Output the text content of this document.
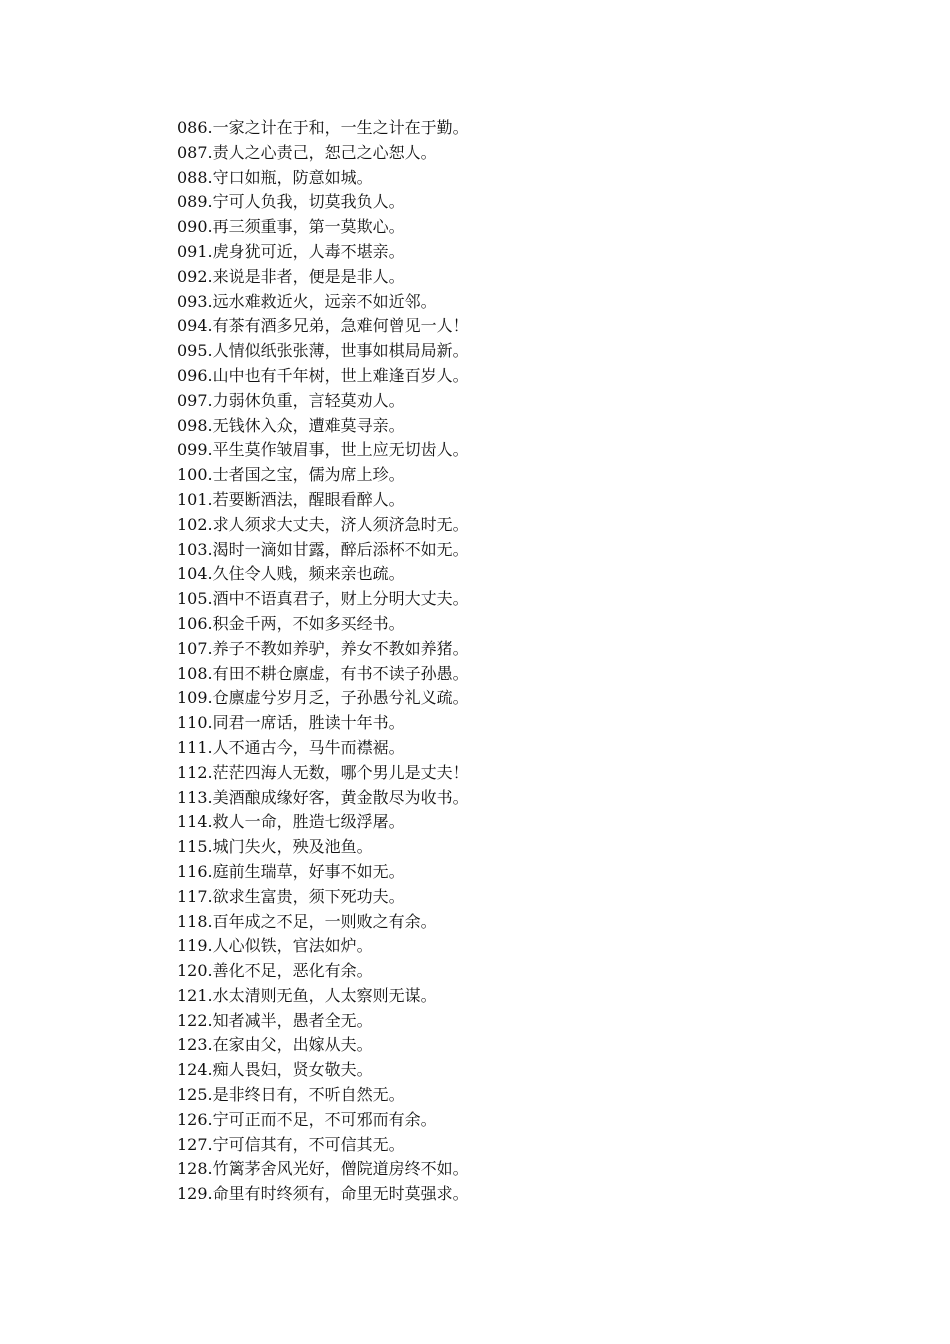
086.一家之计在于和，一生之计在于勤。
087.责人之心责己，恕己之心恕人。
088.守口如瓶，防意如城。
089.宁可人负我，切莫我负人。
090.再三须重事，第一莫欺心。
091.虎身犹可近，人毒不堪亲。
092.来说是非者，便是是非人。
093.远水难救近火，远亲不如近邻。
094.有茶有酒多兄弟，急难何曾见一人！
095.人情似纸张张薄，世事如棋局局新。
096.山中也有千年树，世上难逢百岁人。
097.力弱休负重，言轻莫劝人。
098.无钱休入众，遭难莫寻亲。
099.平生莫作皱眉事，世上应无切齿人。
100.士者国之宝，儒为席上珍。
101.若要断酒法，醒眼看醉人。
102.求人须求大丈夫，济人须济急时无。
103.渴时一滴如甘露，醉后添杯不如无。
104.久住令人贱，频来亲也疏。
105.酒中不语真君子，财上分明大丈夫。
106.积金千两，不如多买经书。
107.养子不教如养驴，养女不教如养猪。
108.有田不耕仓廪虚，有书不读子孙愚。
109.仓廪虚兮岁月乏，子孙愚兮礼义疏。
110.同君一席话，胜读十年书。
111.人不通古今，马牛而襟裾。
112.茫茫四海人无数，哪个男儿是丈夫！
113.美酒酿成缘好客，黄金散尽为收书。
114.救人一命，胜造七级浮屠。
115.城门失火，殃及池鱼。
116.庭前生瑞草，好事不如无。
117.欲求生富贵，须下死功夫。
118.百年成之不足，一则败之有余。
119.人心似铁，官法如炉。
120.善化不足，恶化有余。
121.水太清则无鱼，人太察则无谋。
122.知者减半，愚者全无。
123.在家由父，出嫁从夫。
124.痴人畏妇，贤女敬夫。
125.是非终日有，不听自然无。
126.宁可正而不足，不可邪而有余。
127.宁可信其有，不可信其无。
128.竹篱茅舍风光好，僧院道房终不如。
129.命里有时终须有，命里无时莫强求。
